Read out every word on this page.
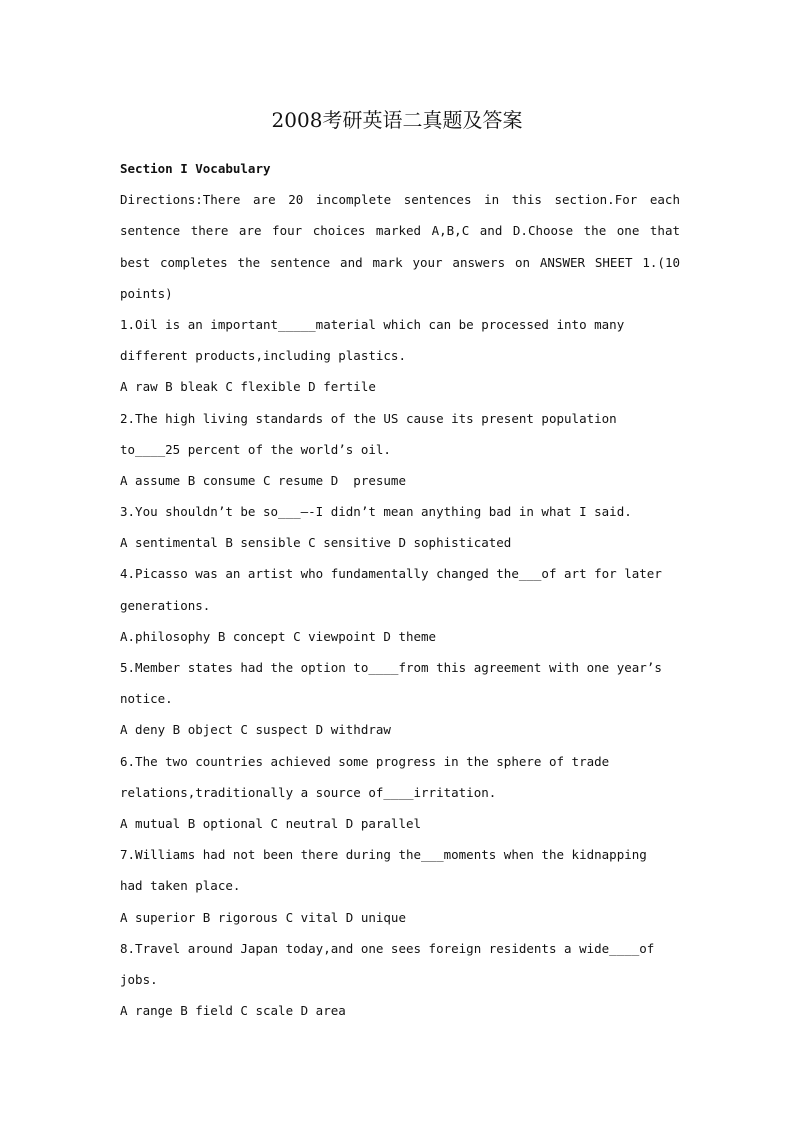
2008考研英语二真题及答案
Section I Vocabulary
Directions:There are 20 incomplete sentences in this section.For each
sentence there are four choices marked A,B,C and D.Choose the one that
best completes the sentence and mark your answers on ANSWER SHEET 1.(10
points)
1.Oil is an important_____material which can be processed into many
different products,including plastics.
A raw B bleak C flexible D fertile
2.The high living standards of the US cause its present population
to____25 percent of the world’s oil.
A assume B consume C resume D  presume
3.You shouldn’t be so___—-I didn’t mean anything bad in what I said.
A sentimental B sensible C sensitive D sophisticated
4.Picasso was an artist who fundamentally changed the___of art for later
generations.
A.philosophy B concept C viewpoint D theme
5.Member states had the option to____from this agreement with one year’s
notice.
A deny B object C suspect D withdraw
6.The two countries achieved some progress in the sphere of trade
relations,traditionally a source of____irritation.
A mutual B optional C neutral D parallel
7.Williams had not been there during the___moments when the kidnapping
had taken place.
A superior B rigorous C vital D unique
8.Travel around Japan today,and one sees foreign residents a wide____of
jobs.
A range B field C scale D area
